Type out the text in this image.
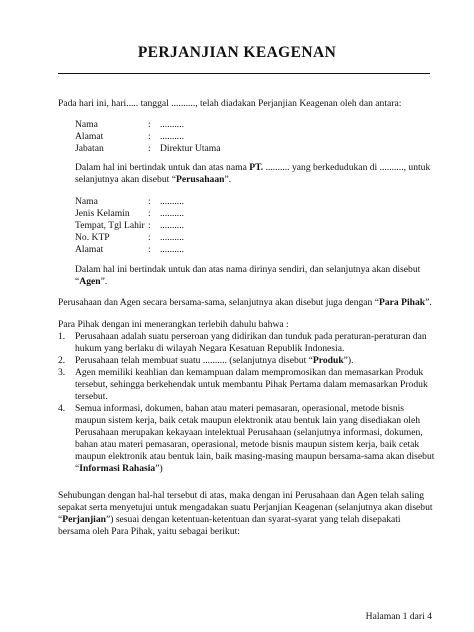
PERJANJIAN KEAGENAN
Pada hari ini, hari..... tanggal .........., telah diadakan Perjanjian Keagenan oleh dan antara:
Nama	: ..........
Alamat	: ..........
Jabatan	: Direktur Utama
Dalam hal ini bertindak untuk dan atas nama PT. .......... yang berkedudukan di .........., untuk
selanjutnya akan disebut “Perusahaan”.
Nama	: ..........
Jenis Kelamin : ..........
Tempat, Tgl Lahir : ..........
No. KTP	: ..........
Alamat	: ..........
Dalam hal ini bertindak untuk dan atas nama dirinya sendiri, dan selanjutnya akan disebut
“Agen”.
Perusahaan dan Agen secara bersama-sama, selanjutnya akan disebut juga dengan “Para Pihak”.
Para Pihak dengan ini menerangkan terlebih dahulu bahwa :
1. Perusahaan adalah suatu perseroan yang didirikan dan tunduk pada peraturan-peraturan dan
hukum yang berlaku di wilayah Negara Kesatuan Republik Indonesia.
2. Perusahaan telah membuat suatu .......... (selanjutnya disebut “Produk”).
3. Agen memiliki keahlian dan kemampuan dalam mempromosikan dan memasarkan Produk
tersebut, sehingga berkehendak untuk membantu Pihak Pertama dalam memasarkan Produk
tersebut.
4. Semua informasi, dokumen, bahan atau materi pemasaran, operasional, metode bisnis
maupun sistem kerja, baik cetak maupun elektronik atau bentuk lain yang disediakan oleh
Perusahaan merupakan kekayaan intelektual Perusahaan (selanjutnya informasi, dokumen,
bahan atau materi pemasaran, operasional, metode bisnis maupun sistem kerja, baik cetak
maupun elektronik atau bentuk lain, baik masing-masing maupun bersama-sama akan disebut
“Informasi Rahasia”)
Sehubungan dengan hal-hal tersebut di atas, maka dengan ini Perusahaan dan Agen telah saling
sepakat serta menyetujui untuk mengadakan suatu Perjanjian Keagenan (selanjutnya akan disebut
“Perjanjian”) sesuai dengan ketentuan-ketentuan dan syarat-syarat yang telah disepakati
bersama oleh Para Pihak, yaitu sebagai berikut:
Halaman 1 dari 4
